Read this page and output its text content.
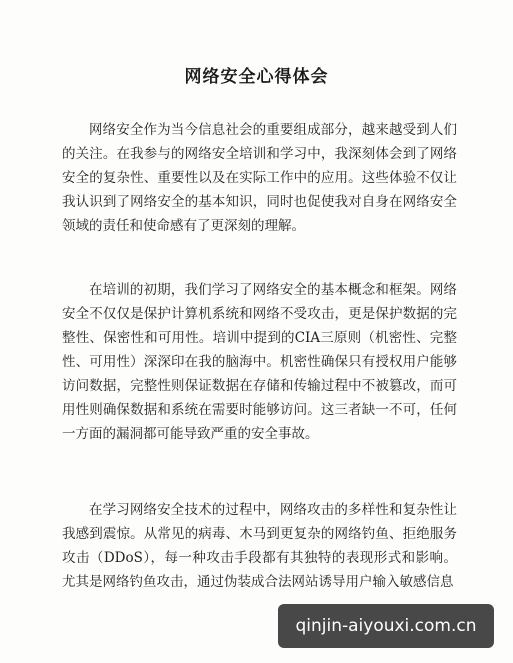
网络安全心得体会

网络安全作为当今信息社会的重要组成部分，越来越受到人们的关注。在我参与的网络安全培训和学习中，我深刻体会到了网络安全的复杂性、重要性以及在实际工作中的应用。这些体验不仅让我认识到了网络安全的基本知识，同时也促使我对自身在网络安全领域的责任和使命感有了更深刻的理解。

在培训的初期，我们学习了网络安全的基本概念和框架。网络安全不仅仅是保护计算机系统和网络不受攻击，更是保护数据的完整性、保密性和可用性。培训中提到的CIA三原则（机密性、完整性、可用性）深深印在我的脑海中。机密性确保只有授权用户能够访问数据，完整性则保证数据在存储和传输过程中不被篡改，而可用性则确保数据和系统在需要时能够访问。这三者缺一不可，任何一方面的漏洞都可能导致严重的安全事故。

在学习网络安全技术的过程中，网络攻击的多样性和复杂性让我感到震惊。从常见的病毒、木马到更复杂的网络钓鱼、拒绝服务攻击（DDoS），每一种攻击手段都有其独特的表现形式和影响。尤其是网络钓鱼攻击，通过伪装成合法网站诱导用户输入敏感信息

qinjin-aiyouxi.com.cn
